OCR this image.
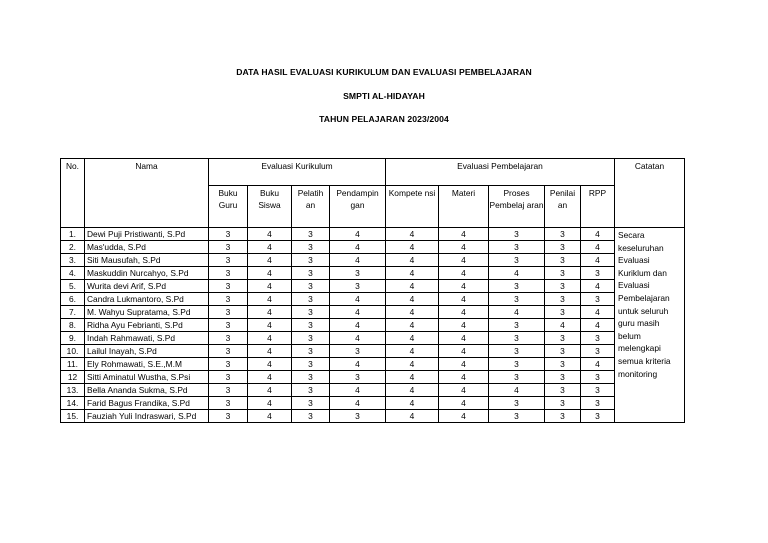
DATA HASIL EVALUASI KURIKULUM DAN EVALUASI PEMBELAJARAN
SMPTI AL-HIDAYAH
TAHUN PELAJARAN 2023/2004
No.	Nama	Evaluasi Kurikulum				Evaluasi Pembelajaran					Catatan
		Buku Guru	Buku Siswa	Pelatih an	Pendampin gan	Kompete nsi	Materi	Proses Pembelaj aran	Penilai an	RPP	
1.	Dewi Puji Pristiwanti, S.Pd	3	4	3	4	4	4	3	3	4	Secara keseluruhan Evaluasi Kuriklum dan Evaluasi Pembelajaran untuk seluruh guru masih belum melengkapi semua kriteria monitoring
2.	Mas'udda, S.Pd	3	4	3	4	4	4	3	3	4	
3.	Siti Mausufah, S.Pd	3	4	3	4	4	4	3	3	4	
4.	Maskuddin Nurcahyo, S.Pd	3	4	3	3	4	4	4	3	3	
5.	Wurita devi Arif, S.Pd	3	4	3	3	4	4	3	3	4	
6.	Candra Lukmantoro, S.Pd	3	4	3	4	4	4	3	3	3	
7.	M. Wahyu Supratama, S.Pd	3	4	3	4	4	4	4	3	4	
8.	Ridha Ayu Febrianti, S.Pd	3	4	3	4	4	4	3	4	4	
9.	Indah Rahmawati, S.Pd	3	4	3	4	4	4	3	3	3	
10.	Lailul Inayah, S.Pd	3	4	3	3	4	4	3	3	3	
11.	Ely Rohmawati, S.E.,M.M	3	4	3	4	4	4	3	3	4	
12	Sitti Aminatul Wustha, S.Psi	3	4	3	3	4	4	3	3	3	
13.	Bella Ananda Sukma, S.Pd	3	4	3	4	4	4	4	3	3	
14.	Farid Bagus Frandika, S.Pd	3	4	3	4	4	4	3	3	3	
15.	Fauziah Yuli Indraswari, S.Pd	3	4	3	3	4	4	3	3	3	
